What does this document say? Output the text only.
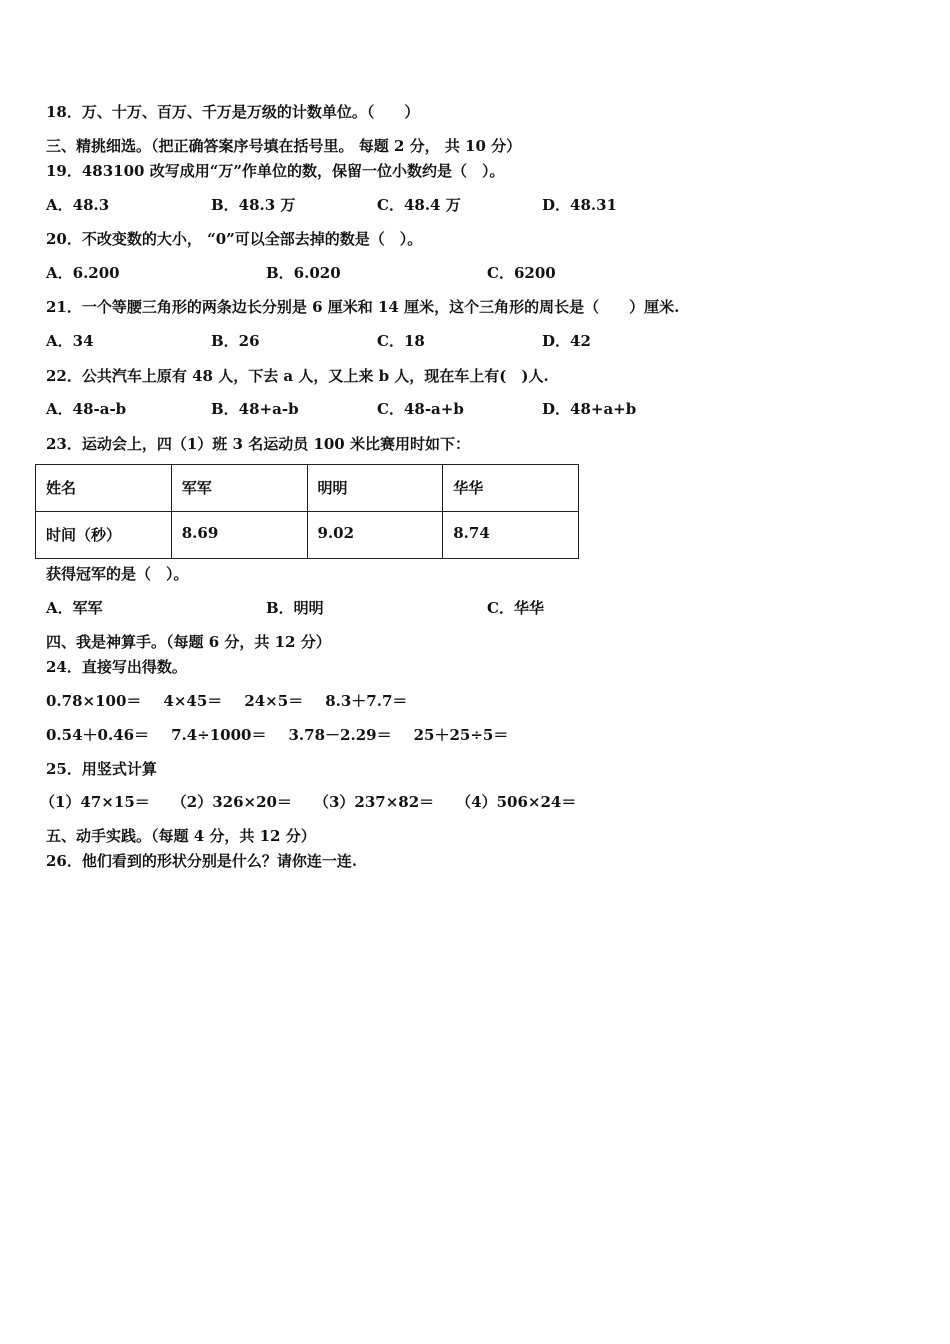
18．万、十万、百万、千万是万级的计数单位。（　　）
三、精挑细选。（把正确答案序号填在括号里。 每题 2 分， 共 10 分）
19．483100 改写成用“万”作单位的数，保留一位小数约是（　）。
A．48.3	B．48.3 万	C．48.4 万	D．48.31
20．不改变数的大小， “0”可以全部去掉的数是（　）。
A．6.200	B．6.020	C．6200
21．一个等腰三角形的两条边长分别是 6 厘米和 14 厘米，这个三角形的周长是（　　）厘米.
A．34	B．26	C．18	D．42
22．公共汽车上原有 48 人，下去 a 人，又上来 b 人，现在车上有(　)人.
A．48-a-b	B．48+a-b	C．48-a+b	D．48+a+b
23．运动会上，四（1）班 3 名运动员 100 米比赛用时如下：
姓名	军军	明明	华华
时间（秒）	8.69	9.02	8.74
获得冠军的是（　）。
A．军军	B．明明	C．华华
四、我是神算手。（每题 6 分，共 12 分）
24．直接写出得数。
0.78×100＝ 4×45＝ 24×5＝ 8.3＋7.7＝
0.54＋0.46＝ 7.4÷1000＝ 3.78－2.29＝ 25＋25÷5＝
25．用竖式计算
（1）47×15＝ （2）326×20＝ （3）237×82＝ （4）506×24＝
五、动手实践。（每题 4 分，共 12 分）
26．他们看到的形状分别是什么？请你连一连.
